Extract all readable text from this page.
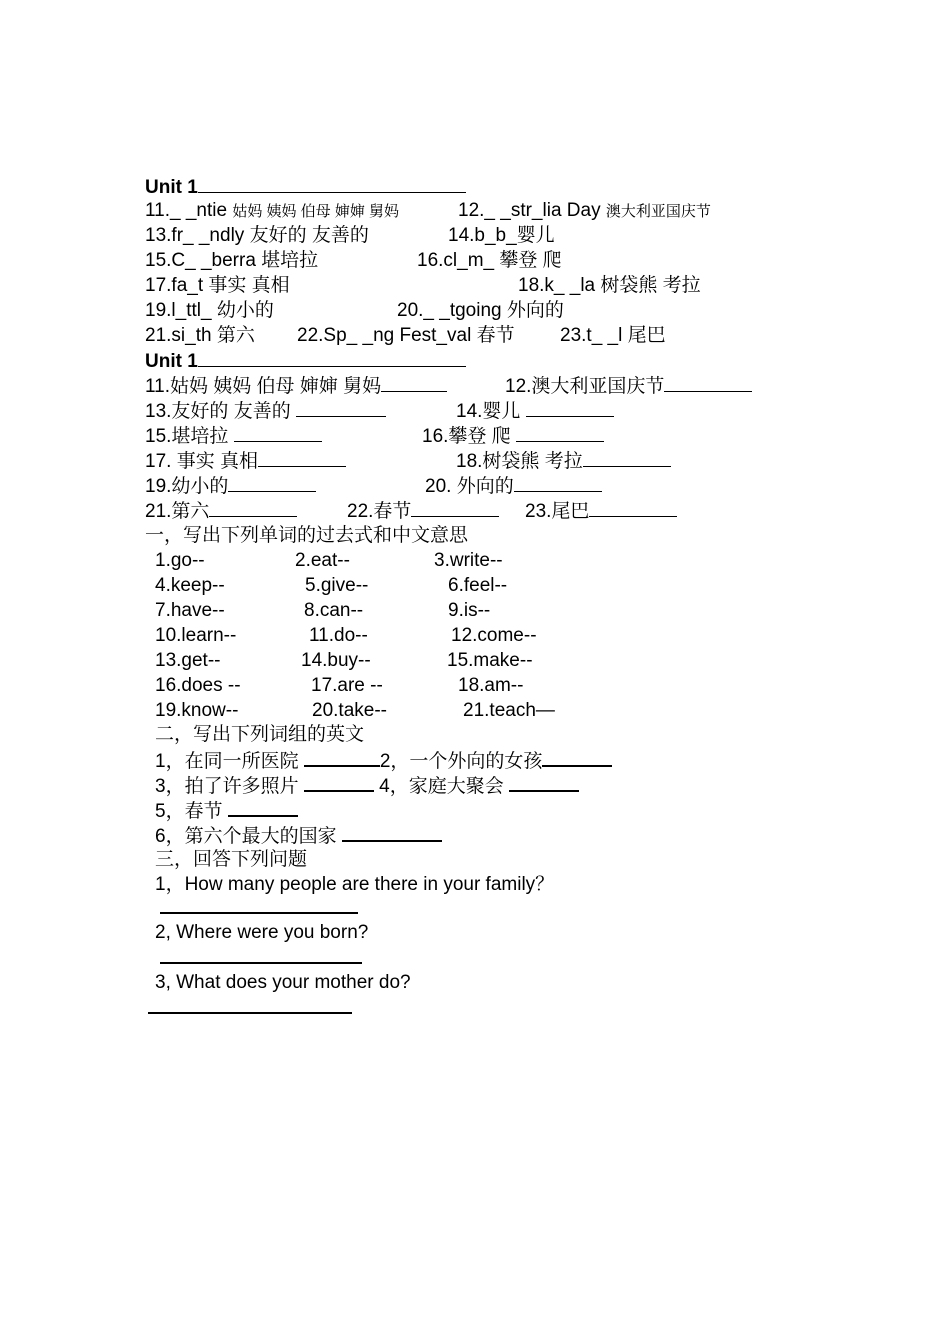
Unit 1
11._ _ntie 姑妈 姨妈 伯母 婶婶 舅妈	12._ _str_lia Day 澳大利亚国庆节
13.fr_ _ndly 友好的 友善的	14.b_b_婴儿
15.C_ _berra 堪培拉	16.cl_m_ 攀登 爬
17.fa_t 事实 真相	18.k_ _la 树袋熊 考拉
19.l_ttl_ 幼小的	20._ _tgoing 外向的
21.si_th 第六 22.Sp_ _ng Fest_val 春节 23.t_ _l 尾巴
Unit 1
11.姑妈 姨妈 伯母 婶婶 舅妈	12.澳大利亚国庆节
13.友好的 友善的	14.婴儿
15.堪培拉	16.攀登 爬
17. 事实 真相	18.树袋熊 考拉
19.幼小的	20. 外向的
21.第六	22.春节	23.尾巴
一，写出下列单词的过去式和中文意思
1.go--	2.eat--	3.write--
4.keep--	5.give--	6.feel--
7.have--	8.can--	9.is--
10.learn--	11.do--	12.come--
13.get--	14.buy--	15.make--
16.does --	17.are --	18.am--
19.know--	20.take--	21.teach—
二，写出下列词组的英文
1，在同一所医院	2，一个外向的女孩
3，拍了许多照片	4，家庭大聚会
5，春节
6，第六个最大的国家
三，回答下列问题
1，How many people are there in your family？
2, Where were you born?
3, What does your mother do?
